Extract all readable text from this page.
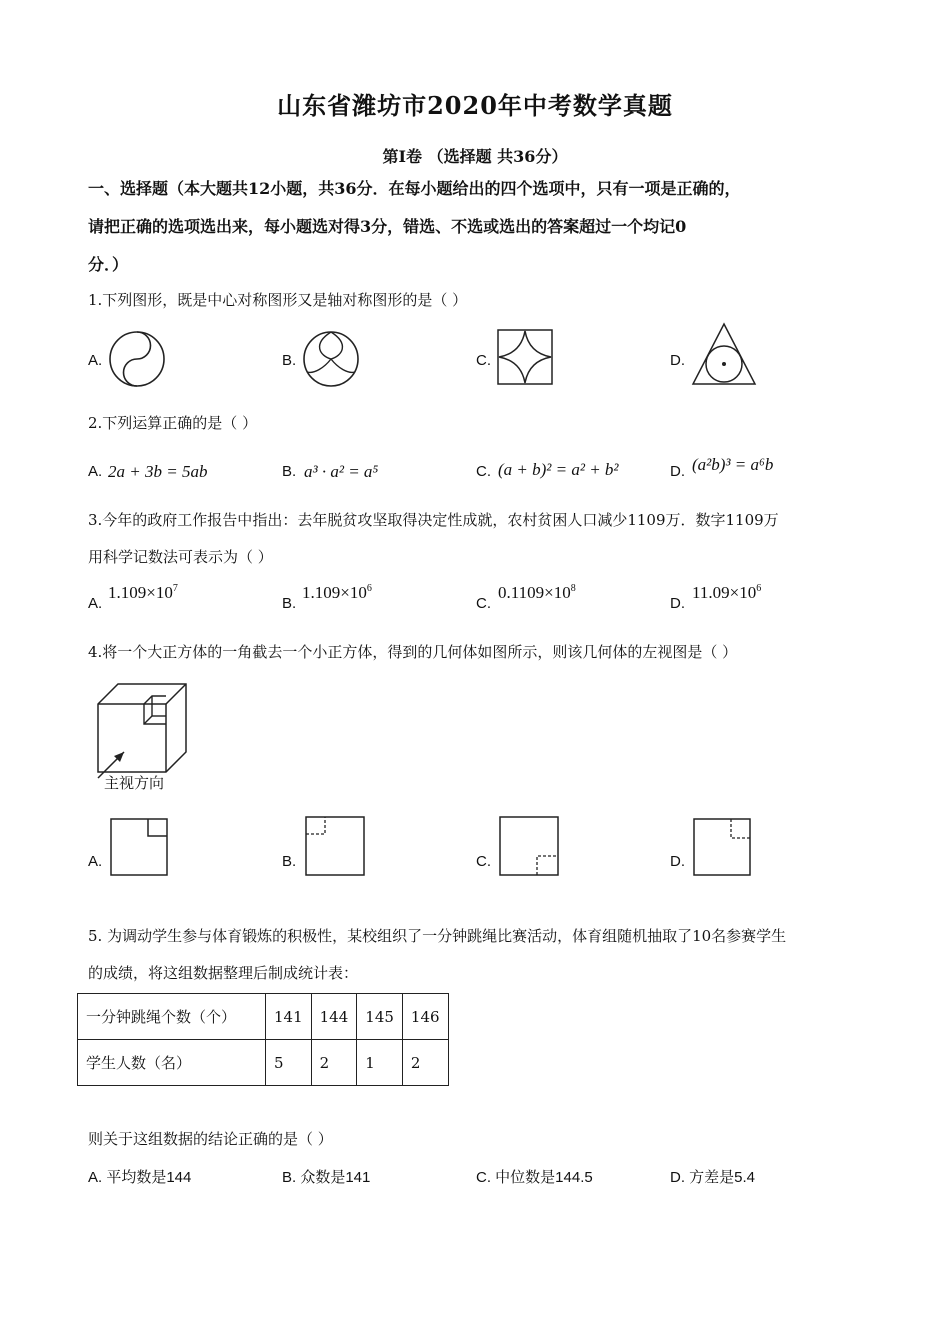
山东省潍坊市2020年中考数学真题
第Ⅰ卷 （选择题 共36分）
一、选择题（本大题共12小题，共36分．在每小题给出的四个选项中，只有一项是正确的，
请把正确的选项选出来，每小题选对得3分，错选、不选或选出的答案超过一个均记0
分．）
1.下列图形，既是中心对称图形又是轴对称图形的是（ ）
A.	B.	C.	D.
2.下列运算正确的是（ ）
A. 2a + 3b = 5ab	B. a³ · a² = a⁵	C. (a + b)² = a² + b²	D. (a²b)³ = a⁶b
3.今年的政府工作报告中指出：去年脱贫攻坚取得决定性成就，农村贫困人口减少1109万．数字1109万
用科学记数法可表示为（ ）
A.
$1.109\times 10^7$
B.
$1.109\times 10^6$
C.
$0.1109\times 10^8$
D.
$11.09\times 10^6$
4.将一个大正方体的一角截去一个小正方体，得到的几何体如图所示，则该几何体的左视图是（ ）
主视方向
A.	B.	C.	D.
5. 为调动学生参与体育锻炼的积极性，某校组织了一分钟跳绳比赛活动，体育组随机抽取了10名参赛学生
的成绩，将这组数据整理后制成统计表：
一分钟跳绳个数（个）	141	144	145	146
学生人数（名）	5	2	1	2
则关于这组数据的结论正确的是（ ）
A. 平均数是144	B. 众数是141	C. 中位数是144.5	D. 方差是5.4
